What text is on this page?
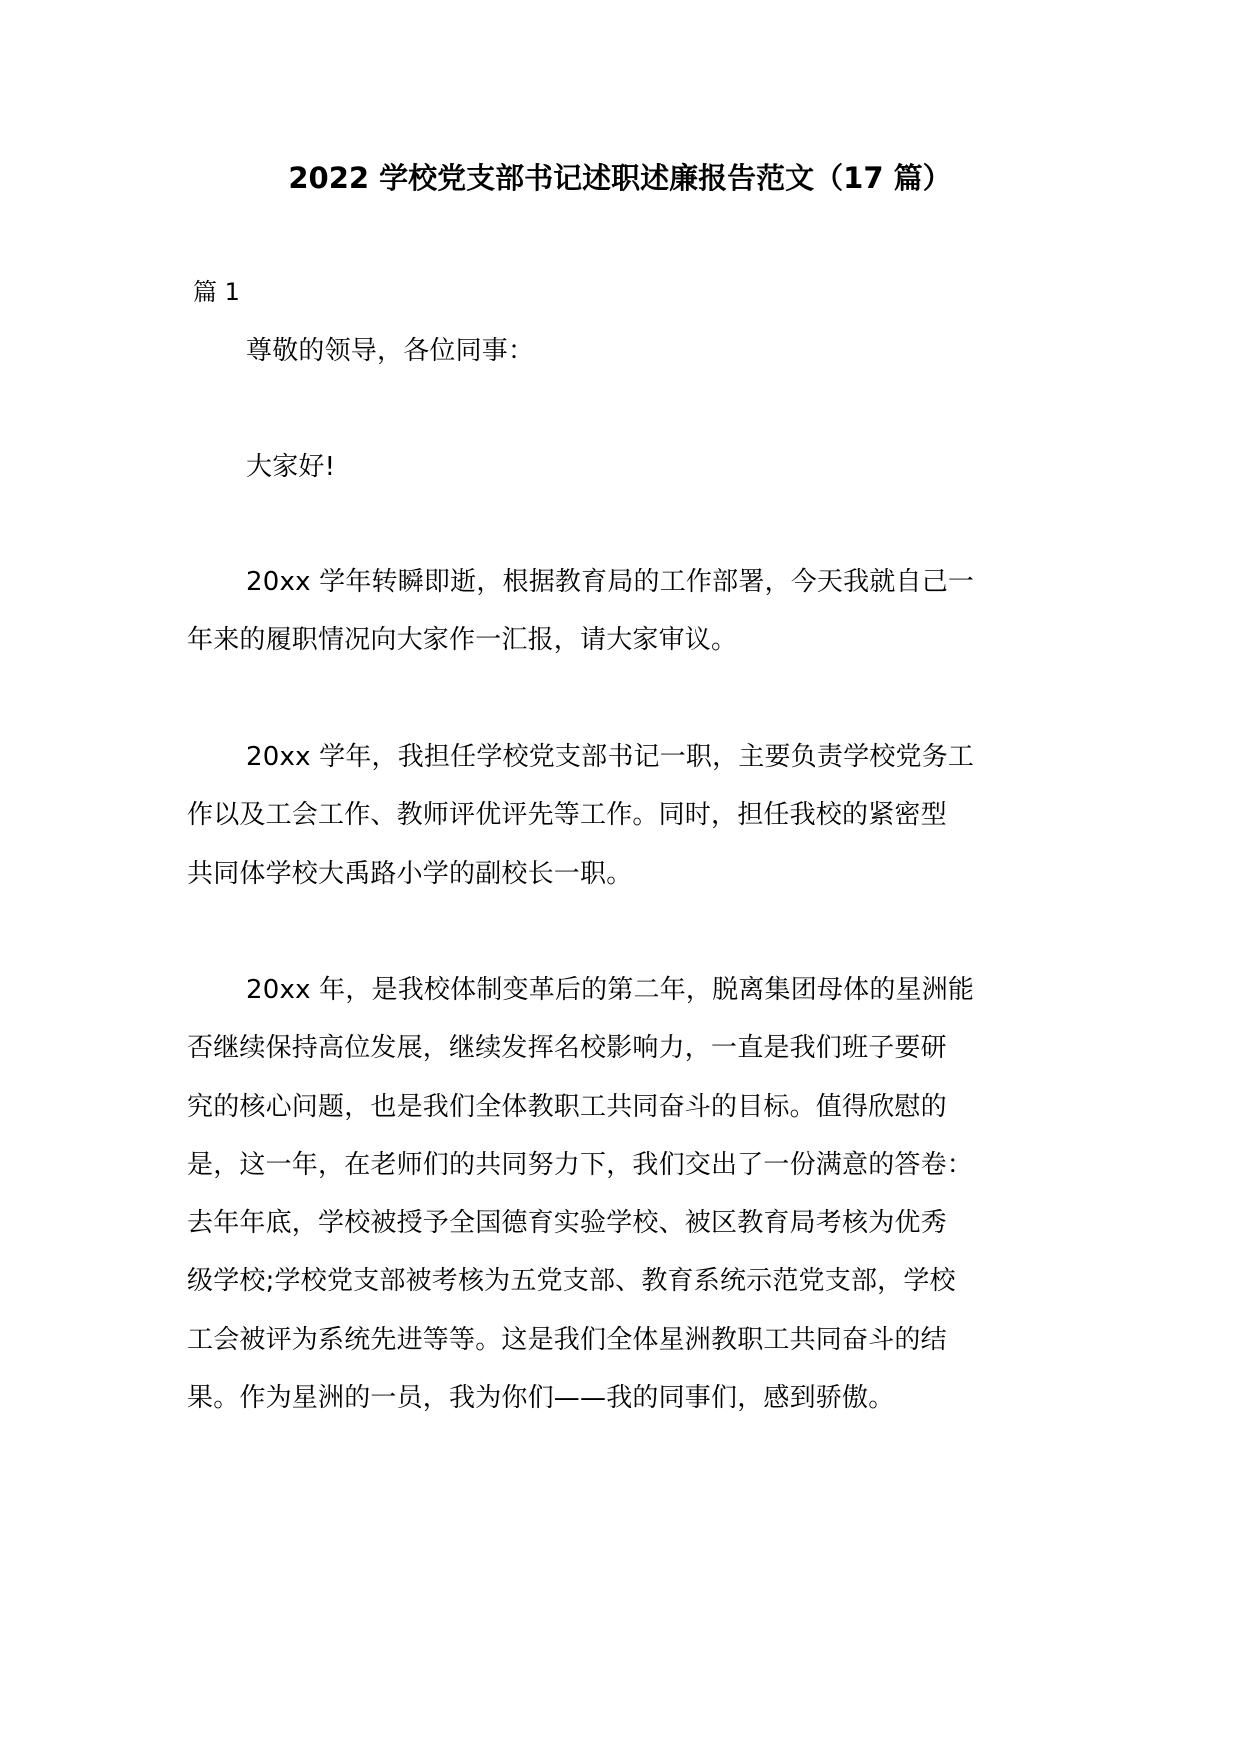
2022 学校党支部书记述职述廉报告范文（17 篇）
篇 1
尊敬的领导，各位同事：
大家好!
20xx 学年转瞬即逝，根据教育局的工作部署，今天我就自己一
年来的履职情况向大家作一汇报，请大家审议。
20xx 学年，我担任学校党支部书记一职，主要负责学校党务工
作以及工会工作、教师评优评先等工作。同时，担任我校的紧密型
共同体学校大禹路小学的副校长一职。
20xx 年，是我校体制变革后的第二年，脱离集团母体的星洲能
否继续保持高位发展，继续发挥名校影响力，一直是我们班子要研
究的核心问题，也是我们全体教职工共同奋斗的目标。值得欣慰的
是，这一年，在老师们的共同努力下，我们交出了一份满意的答卷：
去年年底，学校被授予全国德育实验学校、被区教育局考核为优秀
级学校;学校党支部被考核为五党支部、教育系统示范党支部，学校
工会被评为系统先进等等。这是我们全体星洲教职工共同奋斗的结
果。作为星洲的一员，我为你们——我的同事们，感到骄傲。
